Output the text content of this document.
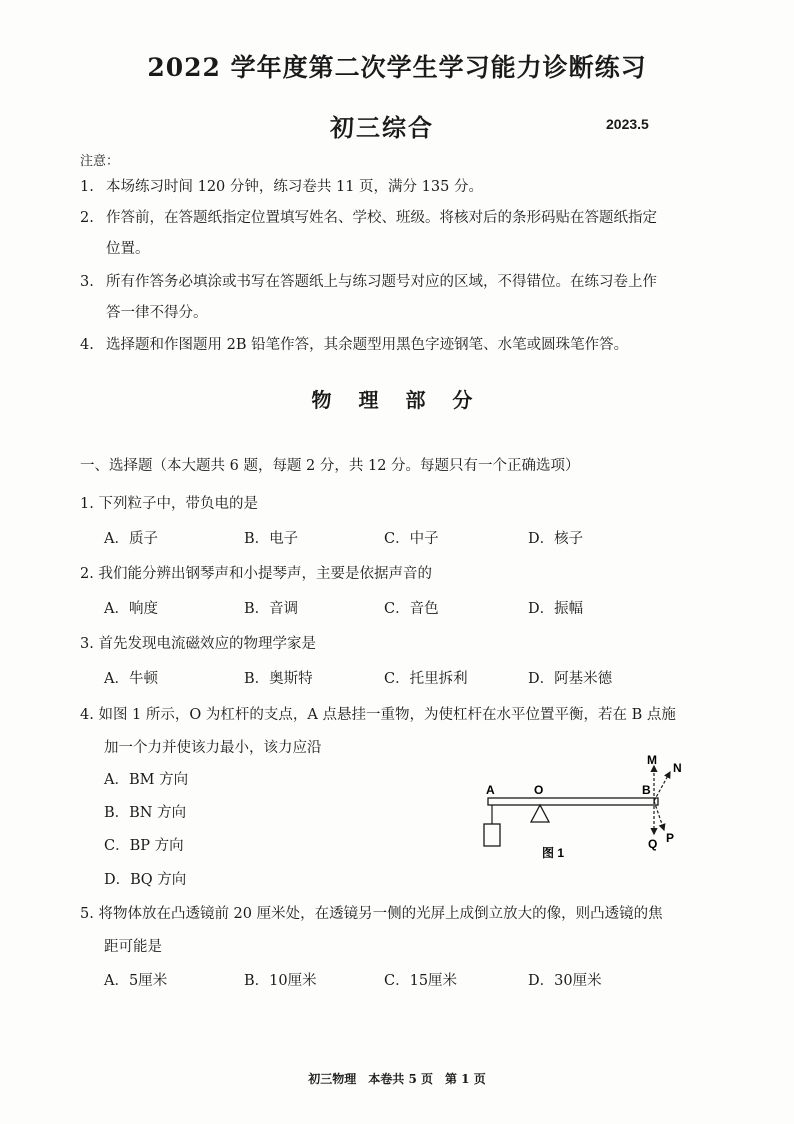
2022 学年度第二次学生学习能力诊断练习
初三综合	2023.5
注意：
1. 本场练习时间 120 分钟，练习卷共 11 页，满分 135 分。
2. 作答前，在答题纸指定位置填写姓名、学校、班级。将核对后的条形码贴在答题纸指定
位置。
3. 所有作答务必填涂或书写在答题纸上与练习题号对应的区域，不得错位。在练习卷上作
答一律不得分。
4. 选择题和作图题用 2B 铅笔作答，其余题型用黑色字迹钢笔、水笔或圆珠笔作答。
物 理 部 分
一、选择题（本大题共 6 题，每题 2 分，共 12 分。每题只有一个正确选项）
1. 下列粒子中，带负电的是
A．质子	B．电子	C．中子	D．核子
2. 我们能分辨出钢琴声和小提琴声，主要是依据声音的
A．响度	B．音调	C．音色	D．振幅
3. 首先发现电流磁效应的物理学家是
A．牛顿	B．奥斯特	C．托里拆利	D．阿基米德
4. 如图 1 所示，O 为杠杆的支点，A 点悬挂一重物，为使杠杆在水平位置平衡，若在 B 点施
加一个力并使该力最小，该力应沿
A．BM 方向
B．BN 方向
C．BP 方向
D．BQ 方向
A	O	B
M
N
P
Q
图 1
5. 将物体放在凸透镜前 20 厘米处，在透镜另一侧的光屏上成倒立放大的像，则凸透镜的焦
距可能是
A．5厘米	B．10厘米	C．15厘米	D．30厘米
初三物理　本卷共 5 页　第 1 页
